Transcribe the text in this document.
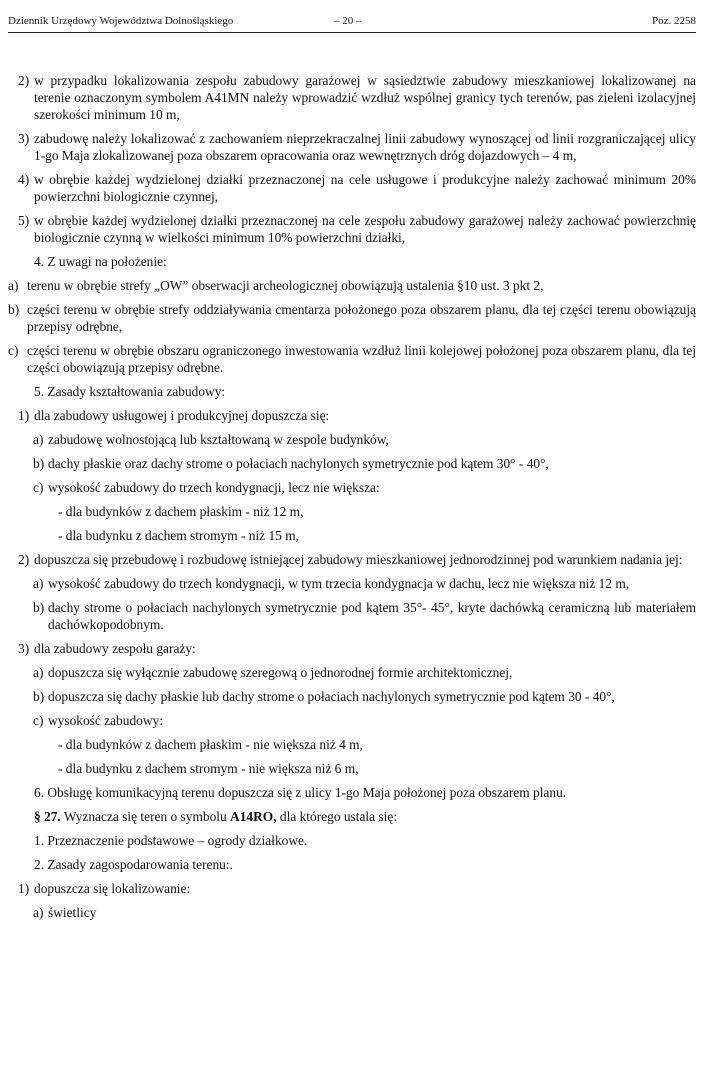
Dziennik Urzędowy Województwa Dolnośląskiego	– 20 –	Poz. 2258
2) w przypadku lokalizowania zespołu zabudowy garażowej w sąsiedztwie zabudowy mieszkaniowej lokalizowanej na terenie oznaczonym symbolem A41MN należy wprowadzić wzdłuż wspólnej granicy tych terenów, pas zieleni izolacyjnej szerokości minimum 10 m,
3) zabudowę należy lokalizować z zachowaniem nieprzekraczalnej linii zabudowy wynoszącej od linii rozgraniczającej ulicy 1-go Maja zlokalizowanej poza obszarem opracowania oraz wewnętrznych dróg dojazdowych – 4 m,
4) w obrębie każdej wydzielonej działki przeznaczonej na cele usługowe i produkcyjne należy zachować minimum 20% powierzchni biologicznie czynnej,
5) w obrębie każdej wydzielonej działki przeznaczonej na cele zespołu zabudowy garażowej należy zachować powierzchnię biologicznie czynną w wielkości minimum 10% powierzchni działki,
4. Z uwagi na położenie:
a) terenu w obrębie strefy „OW” obserwacji archeologicznej obowiązują ustalenia §10 ust. 3 pkt 2,
b) części terenu w obrębie strefy oddziaływania cmentarza położonego poza obszarem planu, dla tej części terenu obowiązują przepisy odrębne,
c) części terenu w obrębie obszaru ograniczonego inwestowania wzdłuż linii kolejowej położonej poza obszarem planu, dla tej części obowiązują przepisy odrębne.
5. Zasady kształtowania zabudowy:
1) dla zabudowy usługowej i produkcyjnej dopuszcza się:
a) zabudowę wolnostojącą lub kształtowaną w zespole budynków,
b) dachy płaskie oraz dachy strome o połaciach nachylonych symetrycznie pod kątem 30° - 40°,
c) wysokość zabudowy do trzech kondygnacji, lecz nie większa:
- dla budynków z dachem płaskim - niż 12 m,
- dla budynku z dachem stromym - niż 15 m,
2) dopuszcza się przebudowę i rozbudowę istniejącej zabudowy mieszkaniowej jednorodzinnej pod warunkiem nadania jej:
a) wysokość zabudowy do trzech kondygnacji, w tym trzecia kondygnacja w dachu, lecz nie większa niż 12 m,
b) dachy strome o połaciach nachylonych symetrycznie pod kątem 35°- 45°, kryte dachówką ceramiczną lub materiałem dachówkopodobnym.
3) dla zabudowy zespołu garaży:
a) dopuszcza się wyłącznie zabudowę szeregową o jednorodnej formie architektonicznej,
b) dopuszcza się dachy płaskie lub dachy strome o połaciach nachylonych symetrycznie pod kątem 30 - 40°,
c) wysokość zabudowy:
- dla budynków z dachem płaskim - nie większa niż 4 m,
- dla budynku z dachem stromym - nie większa niż 6 m,
6. Obsługę komunikacyjną terenu dopuszcza się z ulicy 1-go Maja położonej poza obszarem planu.
§ 27. Wyznacza się teren o symbolu A14RO, dla którego ustala się:
1. Przeznaczenie podstawowe – ogrody działkowe.
2. Zasady zagospodarowania terenu:.
1) dopuszcza się lokalizowanie:
a) świetlicy
